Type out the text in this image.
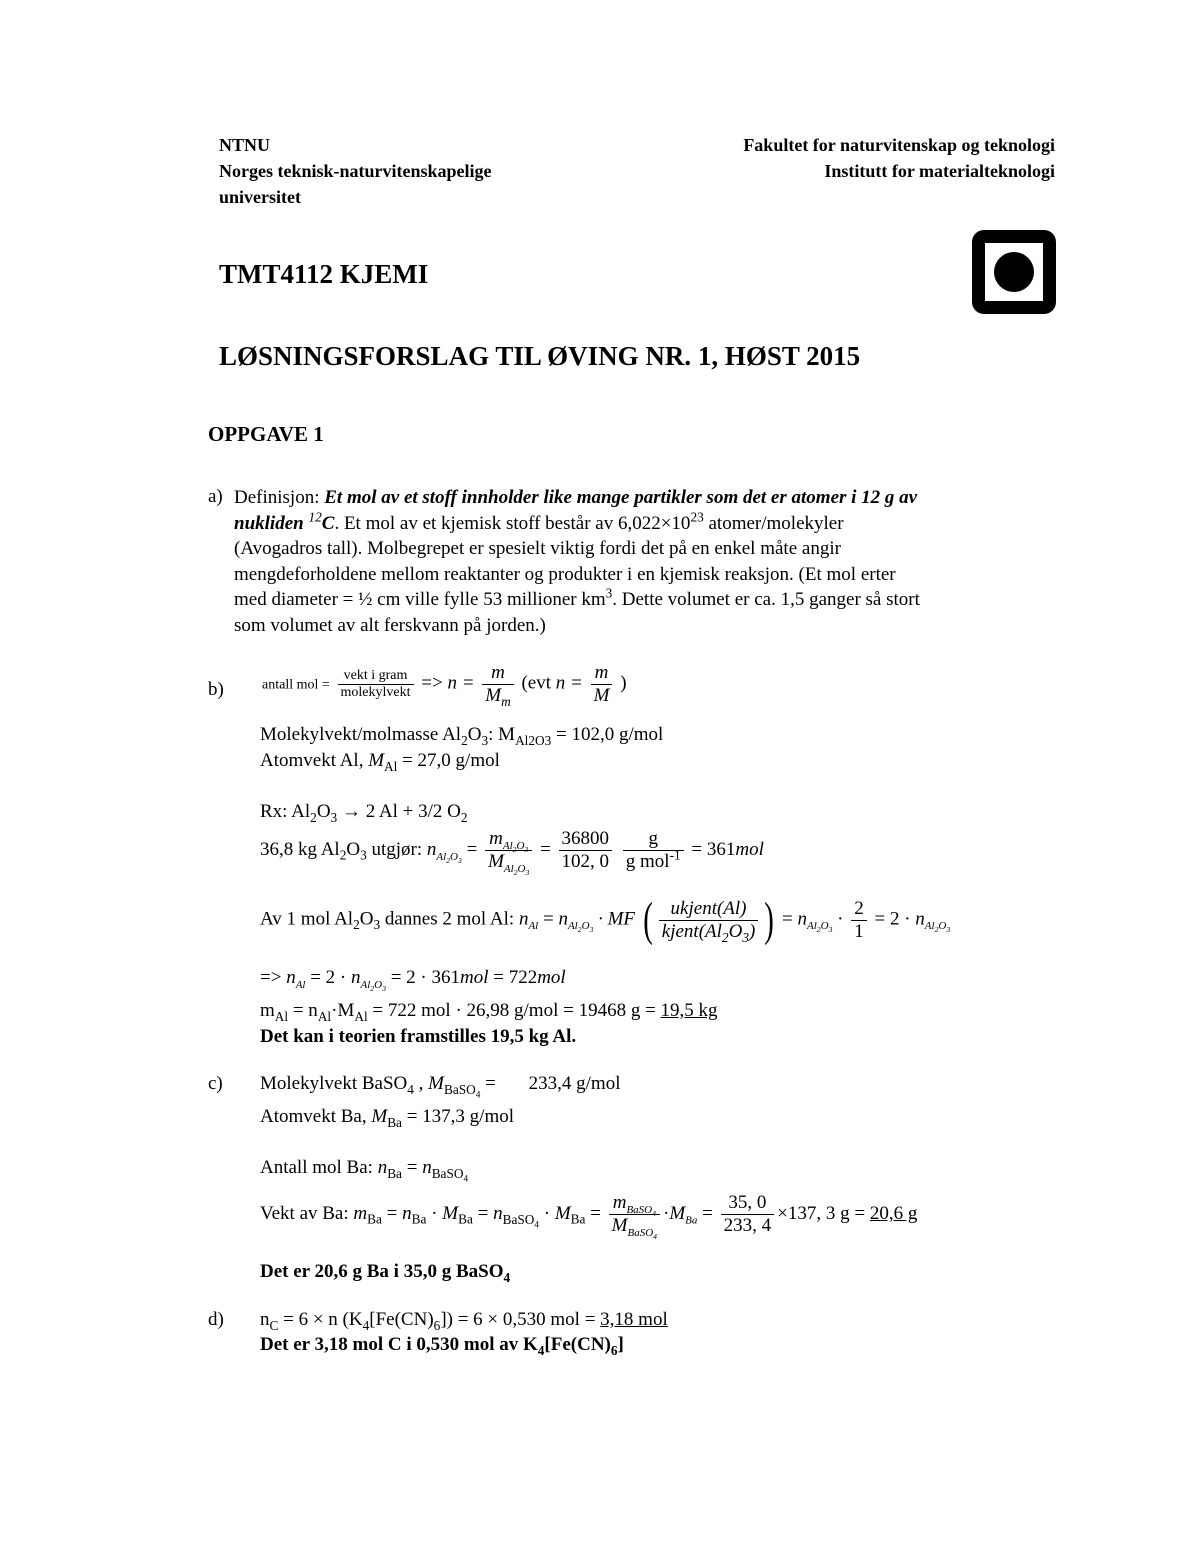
NTNU
Norges teknisk-naturvitenskapelige
universitet
Fakultet for naturvitenskap og teknologi
Institutt for materialteknologi
TMT4112 KJEMI
LØSNINGSFORSLAG TIL ØVING NR. 1, HØST 2015
OPPGAVE 1
a) Definisjon: Et mol av et stoff innholder like mange partikler som det er atomer i 12 g av
nukliden $^{12}$C. Et mol av et kjemisk stoff består av $6,022\times 10^{23}$ atomer/molekyler
(Avogadros tall). Molbegrepet er spesielt viktig fordi det på en enkel måte angir
mengdeforholdene mellom reaktanter og produkter i en kjemisk reaksjon. (Et mol erter
med diameter = ½ cm ville fylle 53 millioner $km^3$. Dette volumet er ca. 1,5 ganger så stort
som volumet av alt ferskvann på jorden.)
b)	antall mol = $\frac{\text{vekt i gram}}{\text{molekylvekt}} => n = \frac{m}{M_m} (evt$ $n = \frac{m}{M}$ )
Molekylvekt/molmasse $Al_2O_3$: $M_{Al2O3} = 102,0$ g/mol
Atomvekt Al, $M_{Al} = 27,0$ g/mol
Rx: $Al_2O_3 \to 2$ Al + 3/2 $O_2$
36,8 kg $Al_2O_3$ utgjør: $n_{Al_2O_3} = \frac{m_{Al_2O_3}}{M_{Al_2O_3}} = \frac{36800}{102, 0}$
$\frac{g}{g mol^{-1}} = 361mol$
Av 1 mol $Al_2O_3$ dannes 2 mol Al: $n_{Al} = n_{Al_2O_3}$ · MF ( $\frac{\text{ukjent(Al)}}{kjent(Al_2O_3)}$ ) = $n_{Al_2O_3} \cdot \frac{2}{1} = 2 \cdot n_{Al_2O_3}$
=> $n_{Al} = 2 \cdot n_{Al_2O_3} = 2 \cdot 361mol = 722mol$
$m_{Al} = n_{Al}\cdot M_{Al} = 722$ mol · 26,98 g/mol = 19468 g = 19,5 kg
Det kan i teorien framstilles 19,5 kg Al.
c) Molekylvekt BaSO$_4$ , $M_{BaSO_4} = 233,4$ g/mol
Atomvekt Ba, $M_{Ba} = 137,3$ g/mol
Antall mol Ba: $n_{Ba} = n_{BaSO_4}$
Vekt av Ba: $m_{Ba} = n_{Ba} \cdot M_{Ba} = n_{BaSO_4} \cdot M_{Ba} = \frac{m_{BaSO_4}}{M_{BaSO_4}} \cdot M_{Ba} = \frac{35, 0}{233, 4} \times 137$, 3 g = 20,6 g
Det er 20,6 g Ba i 35,0 g BaSO$_4$
d) $n_C = 6 \times n$ $(K_4[Fe(CN)_6]) = 6 \times 0,530$ mol = 3,18 mol
Det er 3,18 mol C i 0,530 mol av $K_4[Fe(CN)_6]$
